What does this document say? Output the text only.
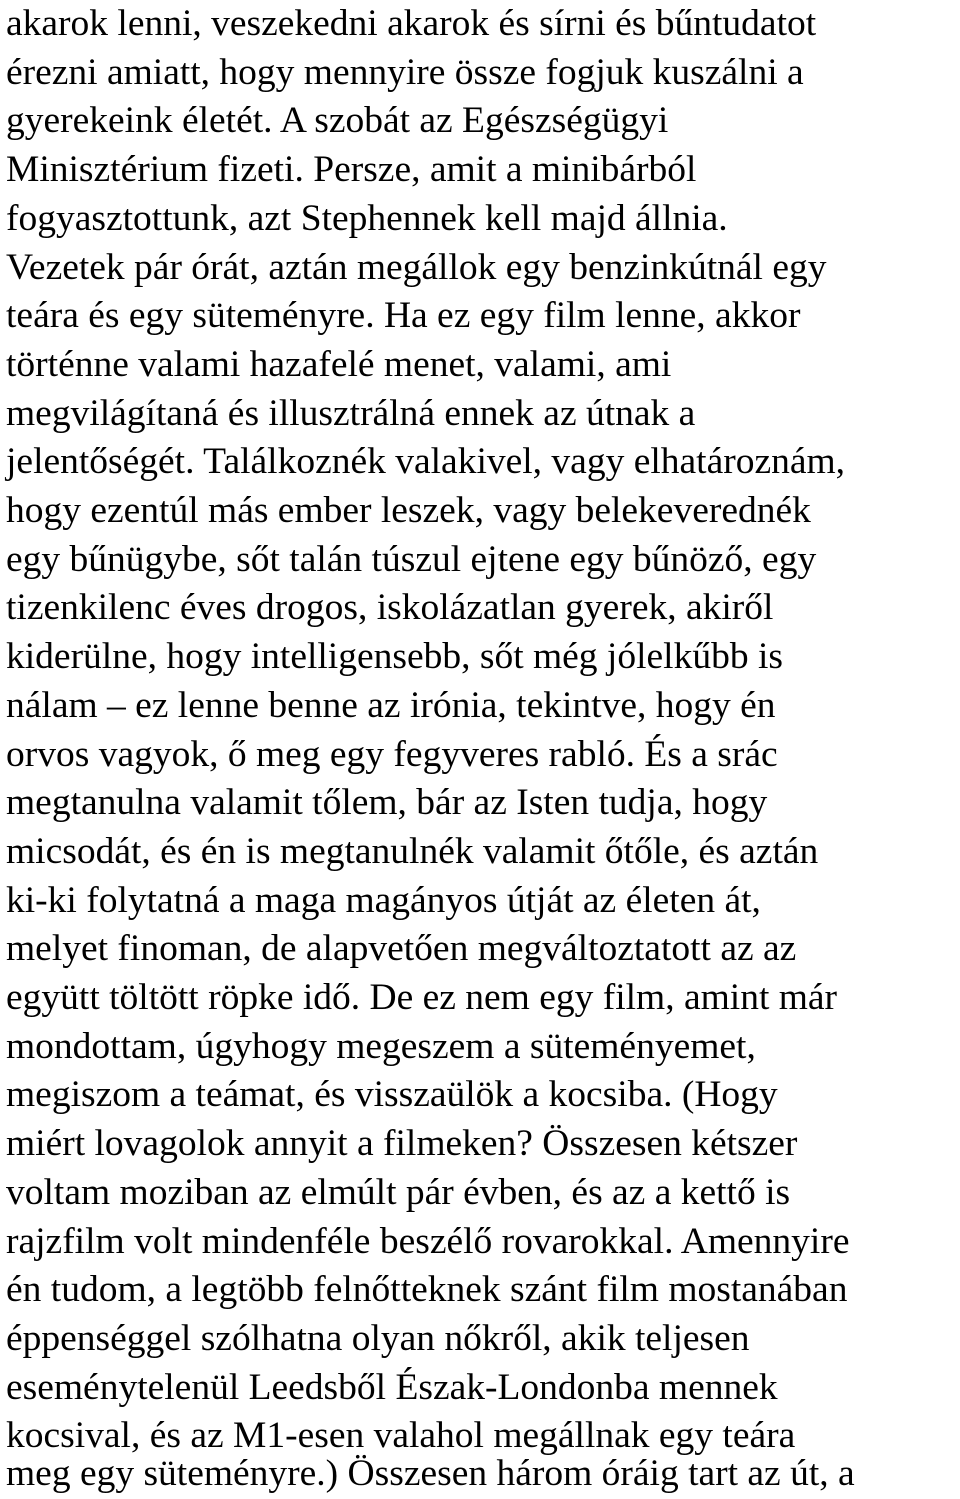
akarok lenni, veszekedni akarok és sírni és bűntudatot
érezni amiatt, hogy mennyire össze fogjuk kuszálni a
gyerekeink életét. A szobát az Egészségügyi
Minisztérium fizeti. Persze, amit a minibárból
fogyasztottunk, azt Stephennek kell majd állnia.
Vezetek pár órát, aztán megállok egy benzinkútnál egy
teára és egy süteményre. Ha ez egy film lenne, akkor
történne valami hazafelé menet, valami, ami
megvilágítaná és illusztrálná ennek az útnak a
jelentőségét. Találkoznék valakivel, vagy elhatároznám,
hogy ezentúl más ember leszek, vagy belekeverednék
egy bűnügybe, sőt talán túszul ejtene egy bűnöző, egy
tizenkilenc éves drogos, iskolázatlan gyerek, akiről
kiderülne, hogy intelligensebb, sőt még jólelkűbb is
nálam – ez lenne benne az irónia, tekintve, hogy én
orvos vagyok, ő meg egy fegyveres rabló. És a srác
megtanulna valamit tőlem, bár az Isten tudja, hogy
micsodát, és én is megtanulnék valamit őtőle, és aztán
ki-ki folytatná a maga magányos útját az életen át,
melyet finoman, de alapvetően megváltoztatott az az
együtt töltött röpke idő. De ez nem egy film, amint már
mondottam, úgyhogy megeszem a süteményemet,
megiszom a teámat, és visszaülök a kocsiba. (Hogy
miért lovagolok annyit a filmeken? Összesen kétszer
voltam moziban az elmúlt pár évben, és az a kettő is
rajzfilm volt mindenféle beszélő rovarokkal. Amennyire
én tudom, a legtöbb felnőtteknek szánt film mostanában
éppenséggel szólhatna olyan nőkről, akik teljesen
eseménytelenül Leedsből Észak-Londonba mennek
kocsival, és az M1-esen valahol megállnak egy teára
meg egy süteményre.) Összesen három óráig tart az út, a
